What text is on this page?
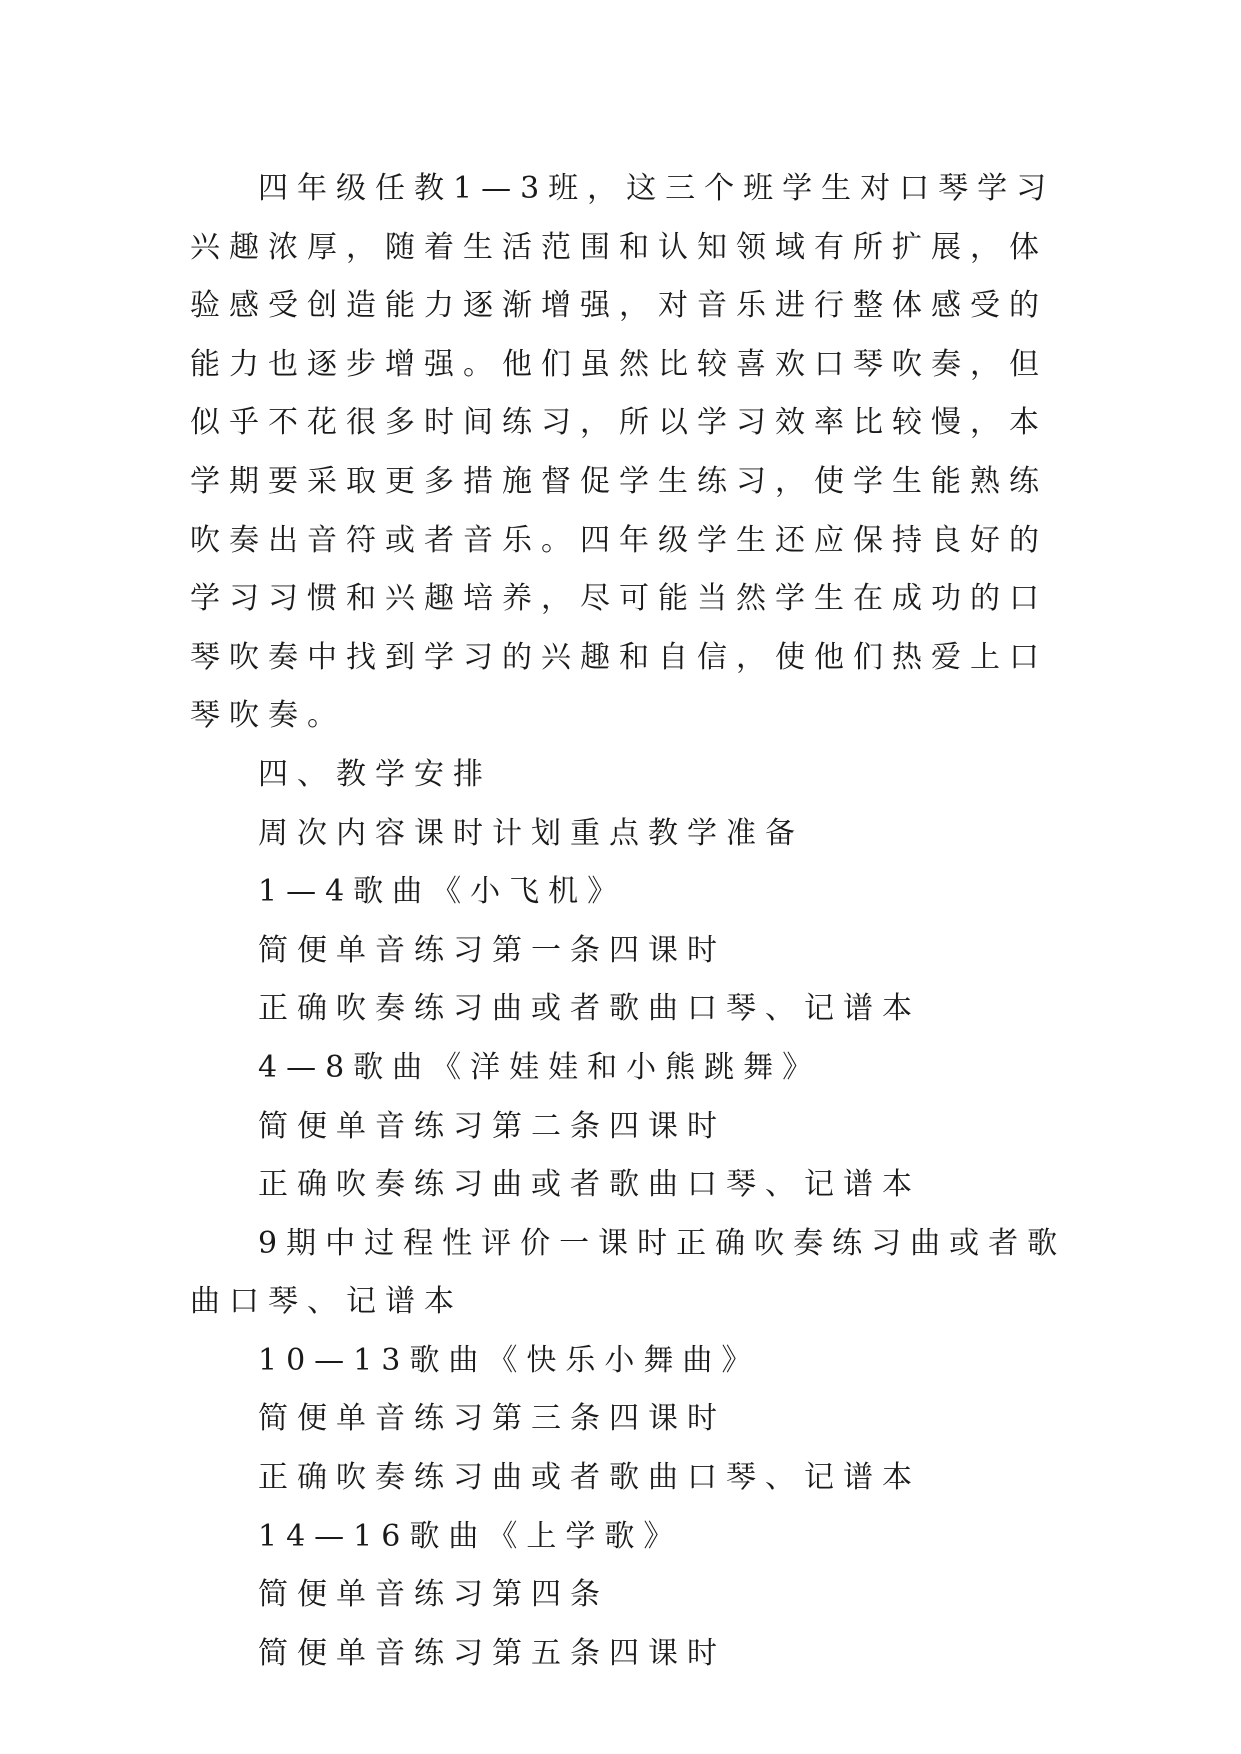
四年级任教1—3班，这三个班学生对口琴学习兴趣浓厚，随着生活范围和认知领域有所扩展，体验感受创造能力逐渐增强，对音乐进行整体感受的能力也逐步增强。他们虽然比较喜欢口琴吹奏，但似乎不花很多时间练习，所以学习效率比较慢，本学期要采取更多措施督促学生练习，使学生能熟练吹奏出音符或者音乐。四年级学生还应保持良好的学习习惯和兴趣培养，尽可能当然学生在成功的口琴吹奏中找到学习的兴趣和自信，使他们热爱上口琴吹奏。

四、教学安排

周次内容课时计划重点教学准备

1—4歌曲《小飞机》

简便单音练习第一条四课时

正确吹奏练习曲或者歌曲口琴、记谱本

4—8歌曲《洋娃娃和小熊跳舞》

简便单音练习第二条四课时

正确吹奏练习曲或者歌曲口琴、记谱本

9期中过程性评价一课时正确吹奏练习曲或者歌曲口琴、记谱本

10—13歌曲《快乐小舞曲》

简便单音练习第三条四课时

正确吹奏练习曲或者歌曲口琴、记谱本

14—16歌曲《上学歌》

简便单音练习第四条

简便单音练习第五条四课时
